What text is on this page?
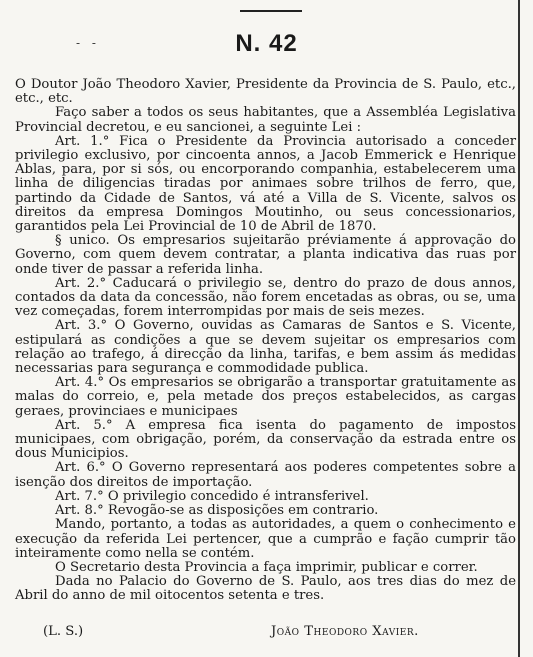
- -	N. 42

O Doutor João Theodoro Xavier, Presidente da Provincia de S. Paulo, etc., etc., etc.

Faço saber a todos os seus habitantes, que a Assembléa Legislativa Provincial decretou, e eu sancionei, a seguinte Lei :

Art. 1.° Fica o Presidente da Provincia autorisado a conceder privilegio exclusivo, por cincoenta annos, a Jacob Emmerick e Henrique Ablas, para, por si sós, ou encorporando companhia, estabelecerem uma linha de diligencias tiradas por animaes sobre trilhos de ferro, que, partindo da Cidade de Santos, vá até a Villa de S. Vicente, salvos os direitos da empresa Domingos Moutinho, ou seus concessionarios, garantidos pela Lei Provincial de 10 de Abril de 1870.

§ unico. Os empresarios sujeitarão préviamente á approvação do Governo, com quem devem contratar, a planta indicativa das ruas por onde tiver de passar a referida linha.

Art. 2.° Caducará o privilegio se, dentro do prazo de dous annos, contados da data da concessão, não forem encetadas as obras, ou se, uma vez começadas, forem interrompidas por mais de seis mezes.

Art. 3.° O Governo, ouvidas as Camaras de Santos e S. Vicente, estipulará as condições a que se devem sujeitar os empresarios com relação ao trafego, á direcção da linha, tarifas, e bem assim ás medidas necessarias para segurança e commodidade publica.

Art. 4.° Os empresarios se obrigarão a transportar gratuitamente as malas do correio, e, pela metade dos preços estabelecidos, as cargas geraes, provinciaes e municipaes

Art. 5.° A empresa fica isenta do pagamento de impostos municipaes, com obrigação, porém, da conservação da estrada entre os dous Municipios.

Art. 6.° O Governo representará aos poderes competentes sobre a isenção dos direitos de importação.

Art. 7.° O privilegio concedido é intransferivel.

Art. 8.° Revogão-se as disposições em contrario.

Mando, portanto, a todas as autoridades, a quem o conhecimento e execução da referida Lei pertencer, que a cumprão e fação cumprir tão inteiramente como nella se contém.

O Secretario desta Provincia a faça imprimir, publicar e correr.

Dada no Palacio do Governo de S. Paulo, aos tres dias do mez de Abril do anno de mil oitocentos setenta e tres.

(L. S.)	João Theodoro Xavier.
